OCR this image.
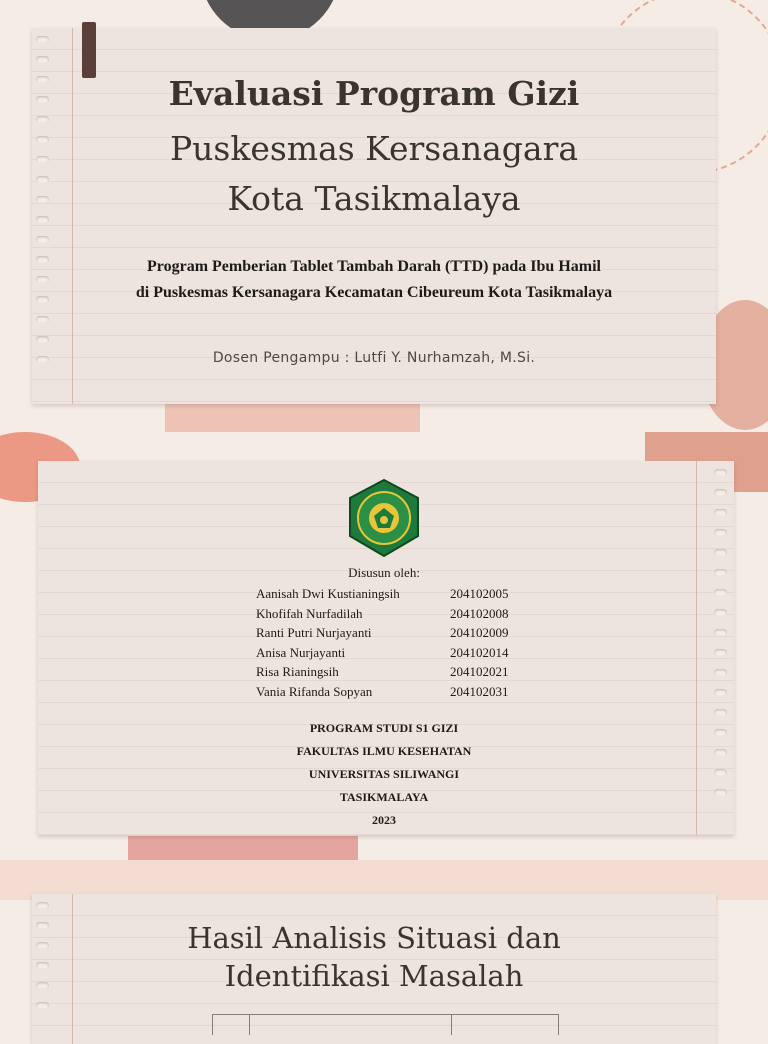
Evaluasi Program Gizi
Puskesmas Kersanagara
Kota Tasikmalaya
Program Pemberian Tablet Tambah Darah (TTD) pada Ibu Hamil
di Puskesmas Kersanagara Kecamatan Cibeureum Kota Tasikmalaya
Dosen Pengampu : Lutfi Y. Nurhamzah, M.Si.
Disusun oleh:
Aanisah Dwi Kustianingsih	204102005
Khofifah Nurfadilah	204102008
Ranti Putri Nurjayanti	204102009
Anisa Nurjayanti	204102014
Risa Rianingsih	204102021
Vania Rifanda Sopyan	204102031
PROGRAM STUDI S1 GIZI
FAKULTAS ILMU KESEHATAN
UNIVERSITAS SILIWANGI
TASIKMALAYA
2023
Hasil Analisis Situasi dan
Identifikasi Masalah
